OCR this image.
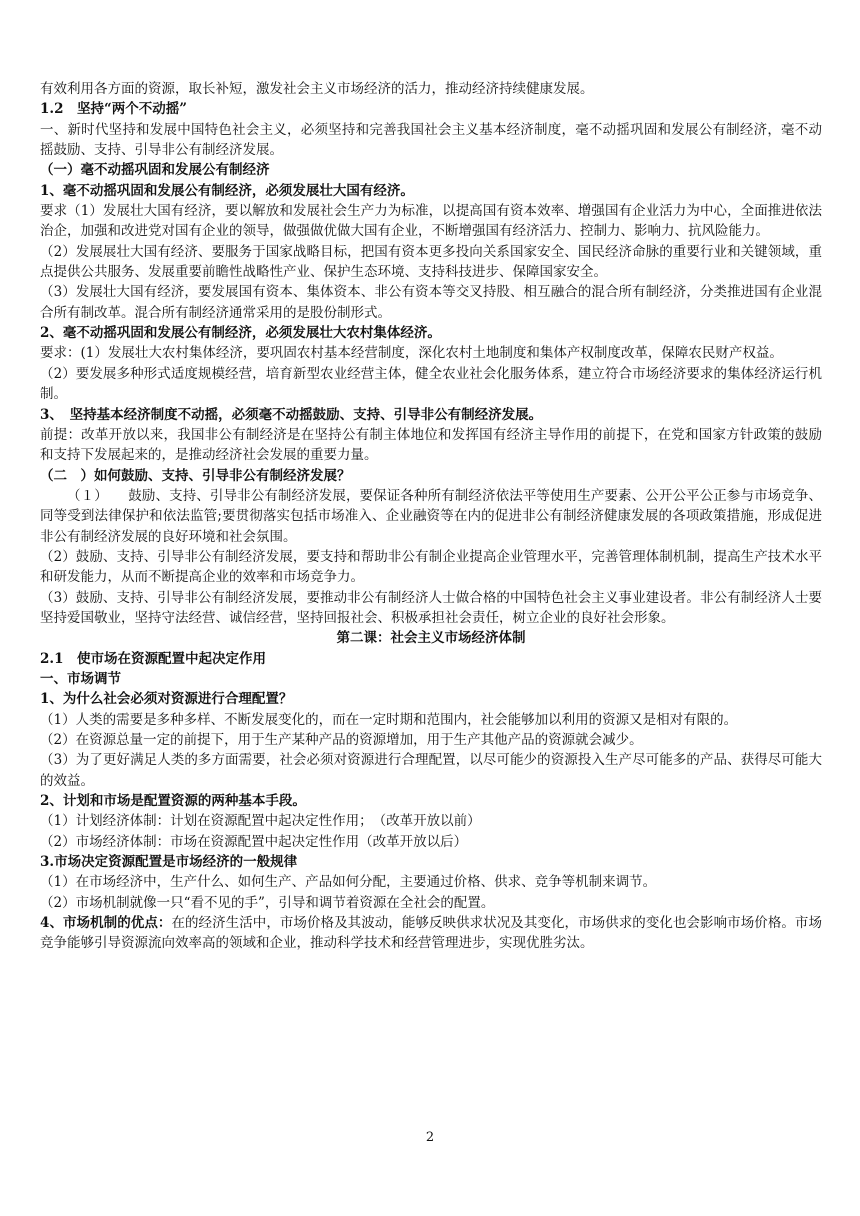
有效利用各方面的资源，取长补短，激发社会主义市场经济的活力，推动经济持续健康发展。

1.2　坚持“两个不动摇”

一、新时代坚持和发展中国特色社会主义，必须坚持和完善我国社会主义基本经济制度，毫不动摇巩固和发展公有制经济，毫不动摇鼓励、支持、引导非公有制经济发展。

（一）毫不动摇巩固和发展公有制经济

1、毫不动摇巩固和发展公有制经济，必须发展壮大国有经济。

要求（1）发展壮大国有经济，要以解放和发展社会生产力为标准，以提高国有资本效率、增强国有企业活力为中心，全面推进依法治企，加强和改进党对国有企业的领导，做强做优做大国有企业，不断增强国有经济活力、控制力、影响力、抗风险能力。

（2）发展展壮大国有经济、要服务于国家战略目标，把国有资本更多投向关系国家安全、国民经济命脉的重要行业和关键领域，重点提供公共服务、发展重要前瞻性战略性产业、保护生态环境、支持科技进步、保障国家安全。

（3）发展壮大国有经济，要发展国有资本、集体资本、非公有资本等交叉持股、相互融合的混合所有制经济，分类推进国有企业混合所有制改革。混合所有制经济通常采用的是股份制形式。

2、毫不动摇巩固和发展公有制经济，必须发展壮大农村集体经济。

要求：(1）发展壮大农村集体经济，要巩固农村基本经营制度，深化农村土地制度和集体产权制度改革，保障农民财产权益。

（2）要发展多种形式适度规模经营，培育新型农业经营主体，健全农业社会化服务体系，建立符合市场经济要求的集体经济运行机制。

3、　坚持基本经济制度不动摇，必须毫不动摇鼓励、支持、引导非公有制经济发展。

前提：改革开放以来，我国非公有制经济是在坚持公有制主体地位和发挥国有经济主导作用的前提下，在党和国家方针政策的鼓励和支持下发展起来的，是推动经济社会发展的重要力量。

（二　）如何鼓励、支持、引导非公有制经济发展？

（１）　　鼓励、支持、引导非公有制经济发展，要保证各种所有制经济依法平等使用生产要素、公开公平公正参与市场竞争、同等受到法律保护和依法监管;要贯彻落实包括市场准入、企业融资等在内的促进非公有制经济健康发展的各项政策措施，形成促进非公有制经济发展的良好环境和社会氛围。

（2）鼓励、支持、引导非公有制经济发展，要支持和帮助非公有制企业提高企业管理水平，完善管理体制机制，提高生产技术水平和研发能力，从而不断提高企业的效率和市场竞争力。

（3）鼓励、支持、引导非公有制经济发展，要推动非公有制经济人士做合格的中国特色社会主义事业建设者。非公有制经济人士要坚持爱国敬业，坚持守法经营、诚信经营，坚持回报社会、积极承担社会责任，树立企业的良好社会形象。

第二课：社会主义市场经济体制

2.1　使市场在资源配置中起决定作用

一、市场调节

1、为什么社会必须对资源进行合理配置？

（1）人类的需要是多种多样、不断发展变化的，而在一定时期和范围内，社会能够加以利用的资源又是相对有限的。

（2）在资源总量一定的前提下，用于生产某种产品的资源增加，用于生产其他产品的资源就会减少。

（3）为了更好满足人类的多方面需要，社会必须对资源进行合理配置，以尽可能少的资源投入生产尽可能多的产品、获得尽可能大的效益。

2、计划和市场是配置资源的两种基本手段。

（1）计划经济体制：计划在资源配置中起决定性作用；　（改革开放以前）

（2）市场经济体制：市场在资源配置中起决定性作用（改革开放以后）

3.市场决定资源配置是市场经济的一般规律

（1）在市场经济中，生产什么、如何生产、产品如何分配，主要通过价格、供求、竞争等机制来调节。

（2）市场机制就像一只“看不见的手”，引导和调节着资源在全社会的配置。

4、市场机制的优点：在的经济生活中，市场价格及其波动，能够反映供求状况及其变化，市场供求的变化也会影响市场价格。市场竞争能够引导资源流向效率高的领域和企业，推动科学技术和经营管理进步，实现优胜劣汰。

2
